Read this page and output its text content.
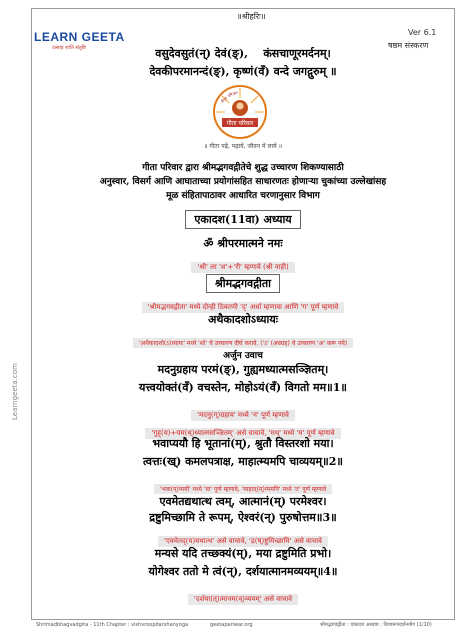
॥श्रीहरिः॥
Ver 6.1
षष्ठम संस्करण
LEARN GEETA
उत्साह शांति संतुष्टि	वसुदेवसुतं(न्) देवं(ङ्), कंसचाणूरमर्दनम्।
देवकीपरमानन्दं(ङ्), कृष्णं(वँ) वन्दे जगद्गुरुम् ॥
गीता परिवार
गीता परिवार
॥ गीता पढ़ें, पढ़ायें, जीवन में लायें ॥
गीता परिवार द्वारा श्रीमद्भगवद्गीतेचे शुद्ध उच्चारण शिकण्यासाठी
अनुस्वार, विसर्ग आणि आघाताच्या प्रयोगांसहित साधारणतः होणाऱ्या चुकांच्या उल्लेखांसह
मूळ संहितापाठावर आधारित चरणानुसार विभाग
एकादश(11वा) अध्याय
ॐ श्रीपरमात्मने नमः
'श्री' ला 'श'+'री' म्हणावे (श्री नाही)
श्रीमद्भगवद्गीता
'श्रीमद्भगवद्गीता' मध्ये दोन्ही ठिकाणी 'द्' अर्धा म्हणावा आणि 'ग' पूर्ण म्हणावे
अथैकादशोऽध्यायः
'अथैकादशो(ऽ)ध्यायः' मध्ये 'शो' चे उच्चारण दीर्घ करावे. ('ऽ' (अवग्रह) चे उच्चारण 'अ' करू नये)
अर्जुन उवाच
मदनुग्रहाय परमं(ङ्), गुह्यमध्यात्मसञ्ज्ञितम्।
यत्त्वयोक्तं(वँ) वचस्तेन, मोहोऽयं(वँ) विगतो मम॥1॥
'मदनु(ग्)ग्रहाय' मध्ये 'न' पूर्ण म्हणावे
'गुह्(य)+यम(ध्)ध्यात्मसञ्ज्ञितम्' असे वाचावे, 'मध्' मध्ये 'म' पूर्ण म्हणावे
भवाप्ययौ हि भूतानां(म्), श्रुतौ विस्तरशो मया।
त्वत्तः(ख्) कमलपत्राक्ष, माहात्म्यमपि चाव्ययम्॥2॥
'भवा(प्)प्ययौ' मध्ये 'वा' पूर्ण म्हणावे, 'माहात्(म्)म्यमपि' मध्ये 'त' पूर्ण म्हणावे
एवमेतद्यथात्थ त्वम्, आत्मानं(म्) परमेश्वर।
द्रष्टुमिच्छामि ते रूपम्, ऐश्वरं(न्) पुरुषोत्तम॥3॥
'एवमेतद्(य)यथात्थ' असे वाचावे, 'द्र(ष्)ष्टुमिच्छामि' असे वाचावे
मन्यसे यदि तच्छक्यं(म्), मया द्रष्टुमिति प्रभो।
योगेश्वर ततो मे त्वं(न्), दर्शयात्मानमव्ययम्॥4॥
'दर्शया(त्)त्मानम(व्)व्ययम्' असे वाचावे
Learngeeta.com
Shrimadbhagvadgita - 11th Chapter : vishvroopdarshanyoga	geetapariwar.org	श्रीमद्भगवद्गीता : एकादश अध्याय : विश्वरूपदर्शनयोग (1/10)
